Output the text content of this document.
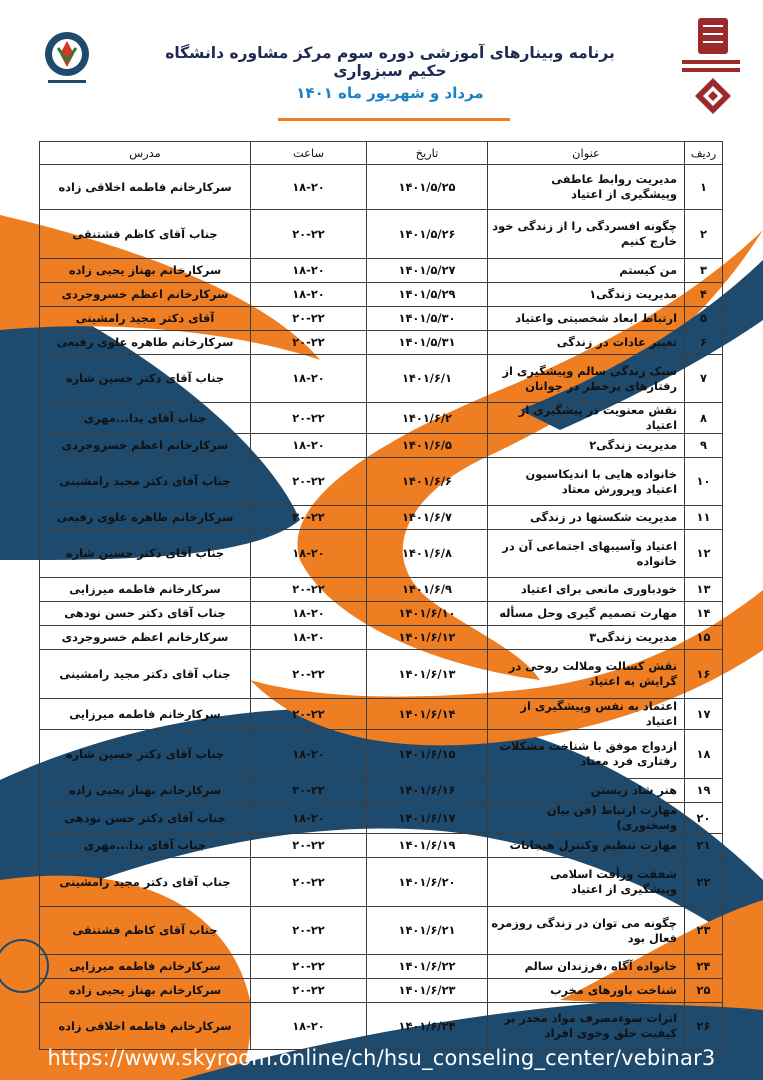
برنامه وبینارهای آموزشی دوره سوم مرکز مشاوره دانشگاه حکیم سبزواری
مرداد و شهریور ماه ۱۴۰۱
ردیف	عنوان	تاریخ	ساعت	مدرس
۱	مدیریت روابط عاطفی وپیشگیری از اعتیاد	۱۴۰۱/۵/۲۵	۱۸-۲۰	سرکارخانم فاطمه اخلاقی زاده
۲	چگونه افسردگی را از زندگی خود خارج کنیم	۱۴۰۱/۵/۲۶	۲۰-۲۲	جناب آقای کاظم فشتنقی
۳	من کیستم	۱۴۰۱/۵/۲۷	۱۸-۲۰	سرکارخانم بهناز یحیی زاده
۴	مدیریت زندگی۱	۱۴۰۱/۵/۲۹	۱۸-۲۰	سرکارخانم اعظم خسروجردی
۵	ارتباط ابعاد شخصیتی واعتیاد	۱۴۰۱/۵/۳۰	۲۰-۲۲	آقای دکتر مجید رامشینی
۶	تغییر عادات در زندگی	۱۴۰۱/۵/۳۱	۲۰-۲۲	سرکارخانم طاهره علوی رفیعی
۷	سبک زندگی سالم وپیشگیری از رفتارهای پرخطر در جوانان	۱۴۰۱/۶/۱	۱۸-۲۰	جناب آقای دکتر حسین شاره
۸	نقش معنویت در پیشگیری از اعتیاد	۱۴۰۱/۶/۲	۲۰-۲۲	جناب آقای یدا...مهری
۹	مدیریت زندگی۲	۱۴۰۱/۶/۵	۱۸-۲۰	سرکارخانم اعظم خسروجردی
۱۰	خانواده هایی با اندیکاسیون اعتیاد وپرورش معتاد	۱۴۰۱/۶/۶	۲۰-۲۲	جناب آقای دکتر مجید رامشینی
۱۱	مدیریت شکستها در زندگی	۱۴۰۱/۶/۷	۲۰-۲۲	سرکارخانم طاهره علوی رفیعی
۱۲	اعتیاد وآسیبهای اجتماعی آن در خانواده	۱۴۰۱/۶/۸	۱۸-۲۰	جناب آقای دکتر حسین شاره
۱۳	خودباوری مانعی برای اعتیاد	۱۴۰۱/۶/۹	۲۰-۲۲	سرکارخانم فاطمه میرزایی
۱۴	مهارت تصمیم گیری وحل مسأله	۱۴۰۱/۶/۱۰	۱۸-۲۰	جناب آقای دکتر حسن نودهی
۱۵	مدیریت زندگی۳	۱۴۰۱/۶/۱۲	۱۸-۲۰	سرکارخانم اعظم خسروجردی
۱۶	نقش کسالت وملالت روحی در گرایش به اعتیاد	۱۴۰۱/۶/۱۳	۲۰-۲۲	جناب آقای دکتر مجید رامشینی
۱۷	اعتماد به نفس وپیشگیری از اعتیاد	۱۴۰۱/۶/۱۴	۲۰-۲۲	سرکارخانم فاطمه میرزایی
۱۸	ازدواج موفق با شناخت مشکلات رفتاری فرد معتاد	۱۴۰۱/۶/۱۵	۱۸-۲۰	جناب آقای دکتر حسین شاره
۱۹	هنر شاد زیستن	۱۴۰۱/۶/۱۶	۲۰-۲۲	سرکارخانم بهناز یحیی زاده
۲۰	مهارت ارتباط (فن بیان وسخنوری)	۱۴۰۱/۶/۱۷	۱۸-۲۰	جناب آقای دکتر حسن نودهی
۲۱	مهارت تنظیم وکنترل هیجانات	۱۴۰۱/۶/۱۹	۲۰-۲۲	جناب آقای یدا...مهری
۲۲	شفقت ورأفت اسلامی وپیشگیری از اعتیاد	۱۴۰۱/۶/۲۰	۲۰-۲۲	جناب آقای دکتر مجید رامشینی
۲۳	چگونه می توان در زندگی روزمره فعال بود	۱۴۰۱/۶/۲۱	۲۰-۲۲	جناب آقای کاظم فشتنقی
۲۴	خانواده آگاه ،فرزندان سالم	۱۴۰۱/۶/۲۲	۲۰-۲۲	سرکارخانم فاطمه میرزایی
۲۵	شناخت باورهای مخرب	۱۴۰۱/۶/۲۳	۲۰-۲۲	سرکارخانم بهناز یحیی زاده
۲۶	اثرات سوءمصرف مواد مخدر بر کیفیت خلق وخوی افراد	۱۴۰۱/۶/۲۴	۱۸-۲۰	سرکارخانم فاطمه اخلاقی زاده
https://www.skyroom.online/ch/hsu_conseling_center/vebinar3
